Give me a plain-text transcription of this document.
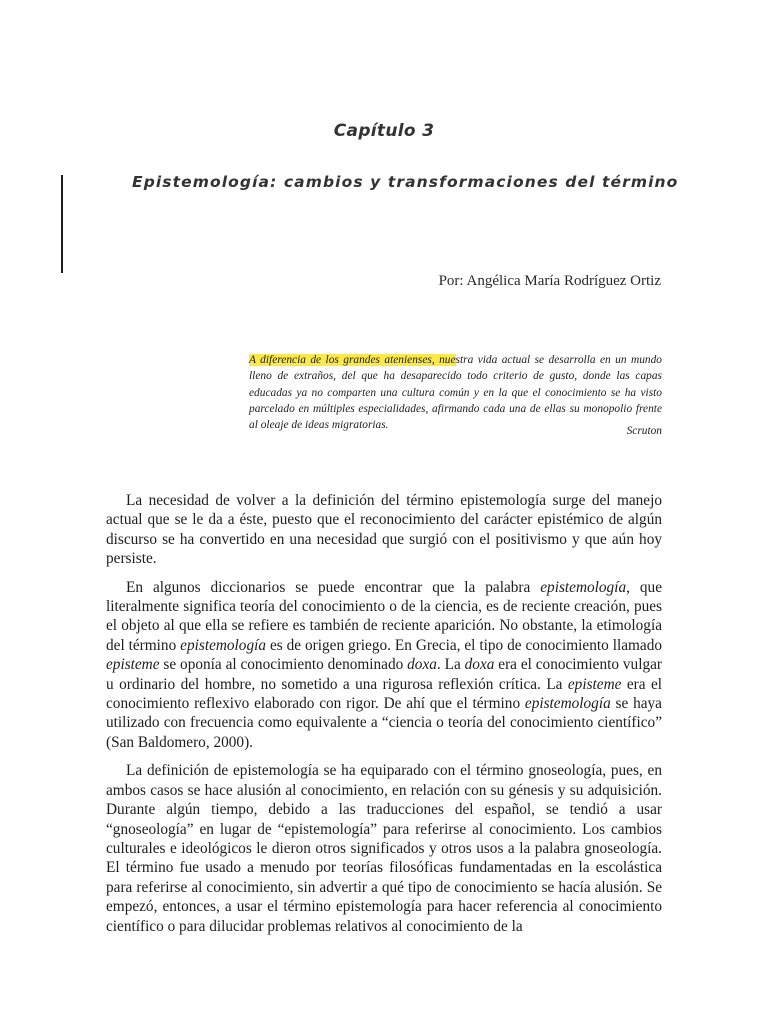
Capítulo 3
Epistemología: cambios y transformaciones del término
Por: Angélica María Rodríguez Ortiz
A diferencia de los grandes atenienses, nuestra vida actual se desarrolla en un mundo lleno de extraños, del que ha desaparecido todo criterio de gusto, donde las capas educadas ya no comparten una cultura común y en la que el conocimiento se ha visto parcelado en múltiples especialidades, afirmando cada una de ellas su monopolio frente al oleaje de ideas migratorias.	Scruton

La necesidad de volver a la definición del término epistemología surge del manejo actual que se le da a éste, puesto que el reconocimiento del carácter epistémico de algún discurso se ha convertido en una necesidad que surgió con el positivismo y que aún hoy persiste.

En algunos diccionarios se puede encontrar que la palabra epistemología, que literalmente significa teoría del conocimiento o de la ciencia, es de reciente creación, pues el objeto al que ella se refiere es también de reciente aparición. No obstante, la etimología del término epistemología es de origen griego. En Grecia, el tipo de conocimiento llamado episteme se oponía al conocimiento denominado doxa. La doxa era el conocimiento vulgar u ordinario del hombre, no sometido a una rigurosa reflexión crítica. La episteme era el conocimiento reflexivo elaborado con rigor. De ahí que el término epistemología se haya utilizado con frecuencia como equivalente a “ciencia o teoría del conocimiento científico” (San Baldomero, 2000).

La definición de epistemología se ha equiparado con el término gnoseología, pues, en ambos casos se hace alusión al conocimiento, en relación con su génesis y su adquisición. Durante algún tiempo, debido a las traducciones del español, se tendió a usar “gnoseología” en lugar de “epistemología” para referirse al conocimiento. Los cambios culturales e ideológicos le dieron otros significados y otros usos a la palabra gnoseología. El término fue usado a menudo por teorías filosóficas fundamentadas en la escolástica para referirse al conocimiento, sin advertir a qué tipo de conocimiento se hacía alusión. Se empezó, entonces, a usar el término epistemología para hacer referencia al conocimiento científico o para dilucidar problemas relativos al conocimiento de la
